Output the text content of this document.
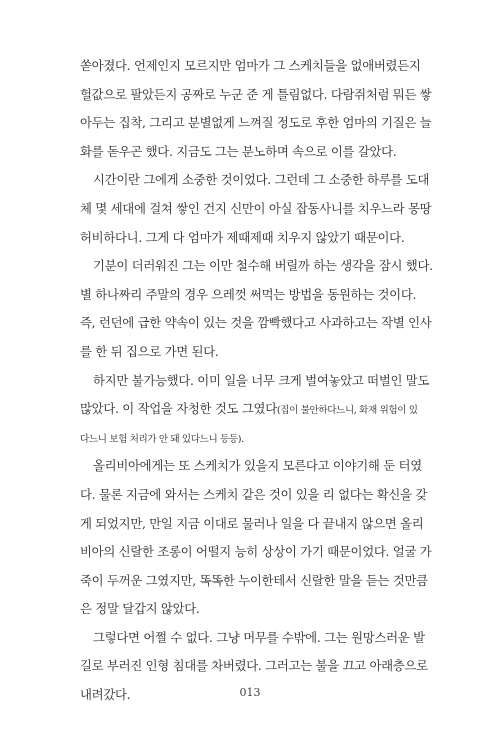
쏟아졌다. 언제인지 모르지만 엄마가 그 스케치들을 없애버렸든지
헐값으로 팔았든지 공짜로 누군 준 게 틀림없다. 다람쥐처럼 뭐든 쌓
아두는 집착, 그리고 분별없게 느껴질 정도로 후한 엄마의 기질은 늘
화를 돋우곤 했다. 지금도 그는 분노하며 속으로 이를 갈았다.
시간이란 그에게 소중한 것이었다. 그런데 그 소중한 하루를 도대
체 몇 세대에 걸쳐 쌓인 건지 신만이 아실 잡동사니를 치우느라 몽땅
허비하다니. 그게 다 엄마가 제때제때 치우지 않았기 때문이다.
기분이 더러워진 그는 이만 철수해 버릴까 하는 생각을 잠시 했다.
별 하나짜리 주말의 경우 으레껏 써먹는 방법을 동원하는 것이다.
즉, 런던에 급한 약속이 있는 것을 깜빡했다고 사과하고는 작별 인사
를 한 뒤 집으로 가면 된다.
하지만 불가능했다. 이미 일을 너무 크게 벌여놓았고 떠벌인 말도
많았다. 이 작업을 자청한 것도 그였다(집이 불안하다느니, 화재 위험이 있
다느니 보험 처리가 안 돼 있다느니 등등).
올리비아에게는 또 스케치가 있을지 모른다고 이야기해 둔 터였
다. 물론 지금에 와서는 스케치 같은 것이 있을 리 없다는 확신을 갖
게 되었지만, 만일 지금 이대로 물러나 일을 다 끝내지 않으면 올리
비아의 신랄한 조롱이 어떨지 능히 상상이 가기 때문이었다. 얼굴 가
죽이 두꺼운 그였지만, 똑똑한 누이한테서 신랄한 말을 듣는 것만큼
은 정말 달갑지 않았다.
그렇다면 어쩔 수 없다. 그냥 머무를 수밖에. 그는 원망스러운 발
길로 부러진 인형 침대를 차버렸다. 그러고는 불을 끄고 아래층으로
내려갔다.	013
